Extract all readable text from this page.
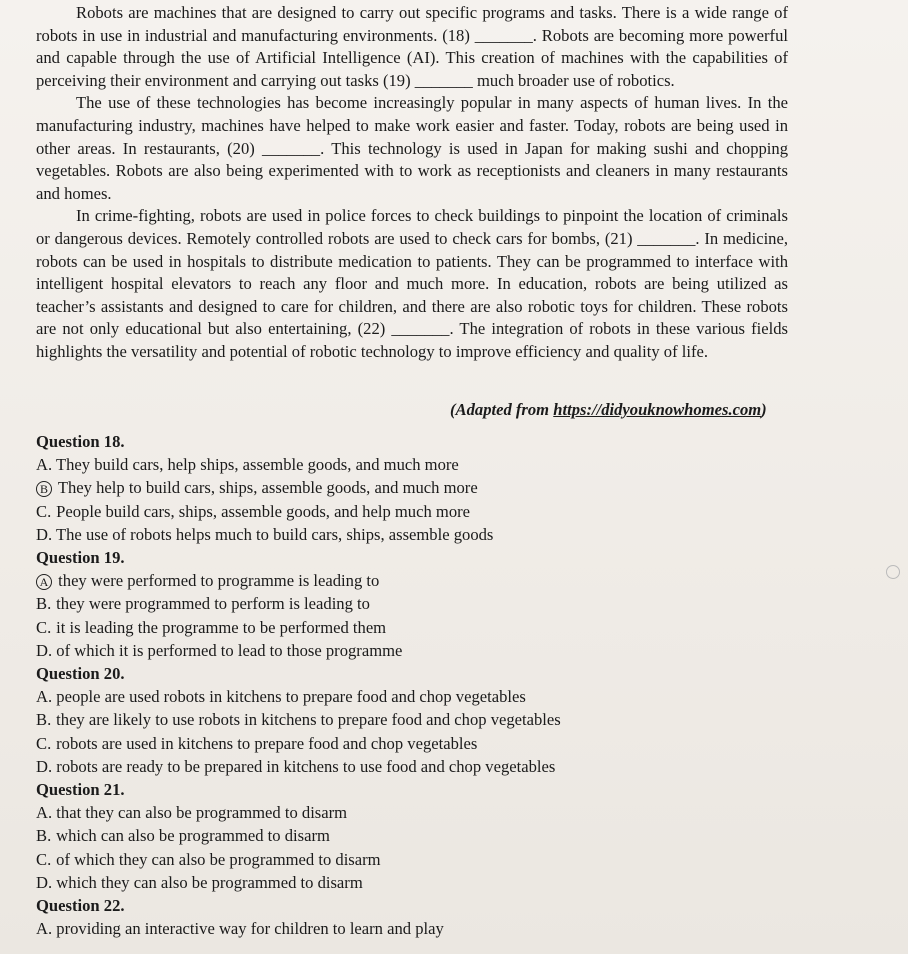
Robots are machines that are designed to carry out specific programs and tasks. There is a wide range of robots in use in industrial and manufacturing environments. (18) _______. Robots are becoming more powerful and capable through the use of Artificial Intelligence (AI). This creation of machines with the capabilities of perceiving their environment and carrying out tasks (19) _______ much broader use of robotics.

The use of these technologies has become increasingly popular in many aspects of human lives. In the manufacturing industry, machines have helped to make work easier and faster. Today, robots are being used in other areas. In restaurants, (20) _______. This technology is used in Japan for making sushi and chopping vegetables. Robots are also being experimented with to work as receptionists and cleaners in many restaurants and homes.

In crime-fighting, robots are used in police forces to check buildings to pinpoint the location of criminals or dangerous devices. Remotely controlled robots are used to check cars for bombs, (21) _______. In medicine, robots can be used in hospitals to distribute medication to patients. They can be programmed to interface with intelligent hospital elevators to reach any floor and much more. In education, robots are being utilized as teacher’s assistants and designed to care for children, and there are also robotic toys for children. These robots are not only educational but also entertaining, (22) _______. The integration of robots in these various fields highlights the versatility and potential of robotic technology to improve efficiency and quality of life.

(Adapted from https://didyouknowhomes.com)

Question 18.

A. They build cars, help ships, assemble goods, and much more

B They help to build cars, ships, assemble goods, and much more

C. People build cars, ships, assemble goods, and help much more

D. The use of robots helps much to build cars, ships, assemble goods

Question 19.

A they were performed to programme is leading to

B. they were programmed to perform is leading to

C. it is leading the programme to be performed them

D. of which it is performed to lead to those programme

Question 20.

A. people are used robots in kitchens to prepare food and chop vegetables

B. they are likely to use robots in kitchens to prepare food and chop vegetables

C. robots are used in kitchens to prepare food and chop vegetables

D. robots are ready to be prepared in kitchens to use food and chop vegetables

Question 21.

A. that they can also be programmed to disarm

B. which can also be programmed to disarm

C. of which they can also be programmed to disarm

D. which they can also be programmed to disarm

Question 22.

A. providing an interactive way for children to learn and play
